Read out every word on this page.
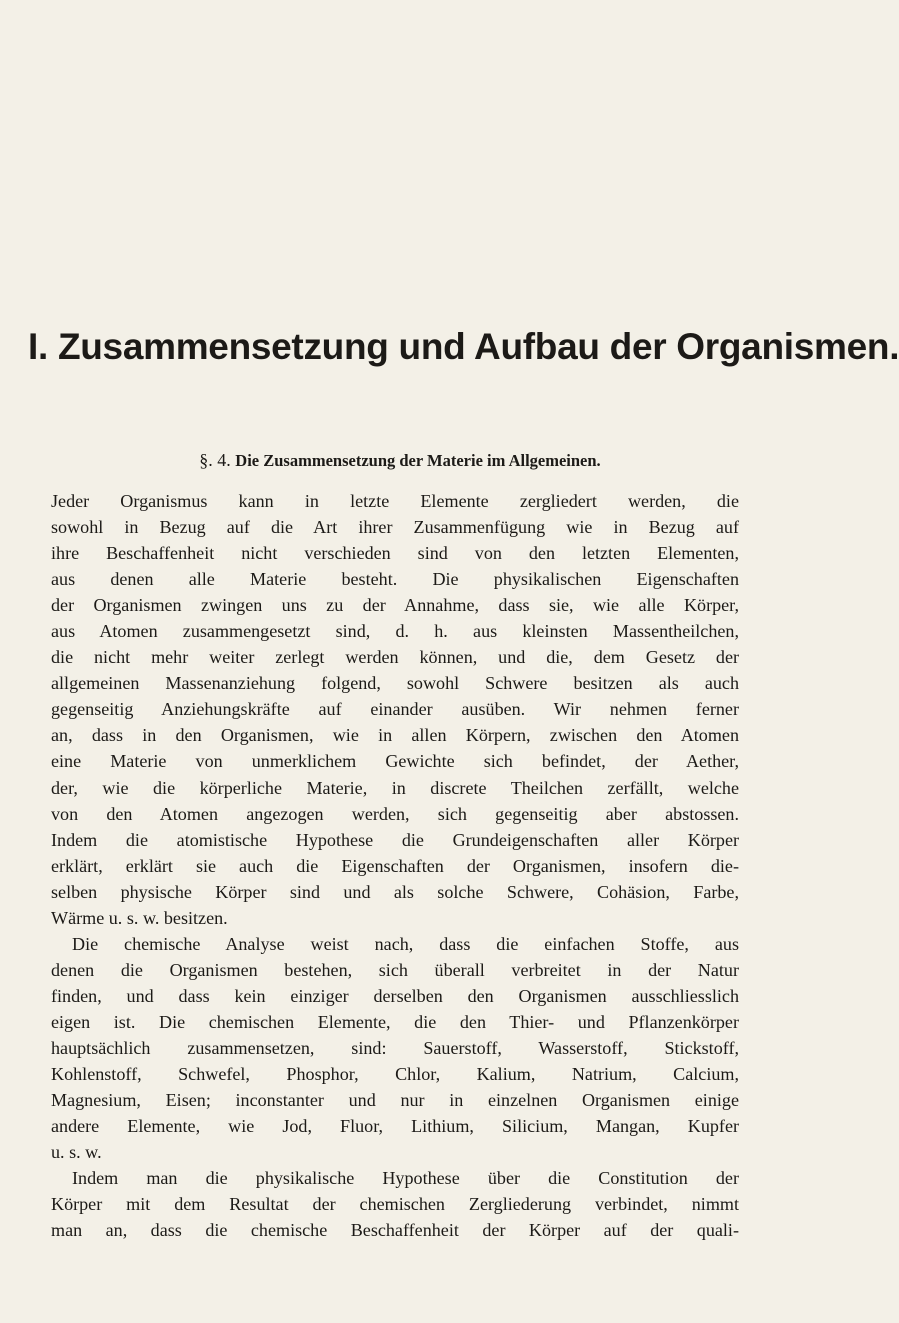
I. Zusammensetzung und Aufbau der Organismen.
§. 4. Die Zusammensetzung der Materie im Allgemeinen.
Jeder Organismus kann in letzte Elemente zergliedert werden, die
sowohl in Bezug auf die Art ihrer Zusammenfügung wie in Bezug auf
ihre Beschaffenheit nicht verschieden sind von den letzten Elementen,
aus denen alle Materie besteht. Die physikalischen Eigenschaften
der Organismen zwingen uns zu der Annahme, dass sie, wie alle Körper,
aus Atomen zusammengesetzt sind, d. h. aus kleinsten Massentheilchen,
die nicht mehr weiter zerlegt werden können, und die, dem Gesetz der
allgemeinen Massenanziehung folgend, sowohl Schwere besitzen als auch
gegenseitig Anziehungskräfte auf einander ausüben. Wir nehmen ferner
an, dass in den Organismen, wie in allen Körpern, zwischen den Atomen
eine Materie von unmerklichem Gewichte sich befindet, der Aether,
der, wie die körperliche Materie, in discrete Theilchen zerfällt, welche
von den Atomen angezogen werden, sich gegenseitig aber abstossen.
Indem die atomistische Hypothese die Grundeigenschaften aller Körper
erklärt, erklärt sie auch die Eigenschaften der Organismen, insofern die-
selben physische Körper sind und als solche Schwere, Cohäsion, Farbe,
Wärme u. s. w. besitzen.
Die chemische Analyse weist nach, dass die einfachen Stoffe, aus
denen die Organismen bestehen, sich überall verbreitet in der Natur
finden, und dass kein einziger derselben den Organismen ausschliesslich
eigen ist. Die chemischen Elemente, die den Thier- und Pflanzenkörper
hauptsächlich zusammensetzen, sind: Sauerstoff, Wasserstoff, Stickstoff,
Kohlenstoff, Schwefel, Phosphor, Chlor, Kalium, Natrium, Calcium,
Magnesium, Eisen; inconstanter und nur in einzelnen Organismen einige
andere Elemente, wie Jod, Fluor, Lithium, Silicium, Mangan, Kupfer
u. s. w.
Indem man die physikalische Hypothese über die Constitution der
Körper mit dem Resultat der chemischen Zergliederung verbindet, nimmt
man an, dass die chemische Beschaffenheit der Körper auf der quali-
